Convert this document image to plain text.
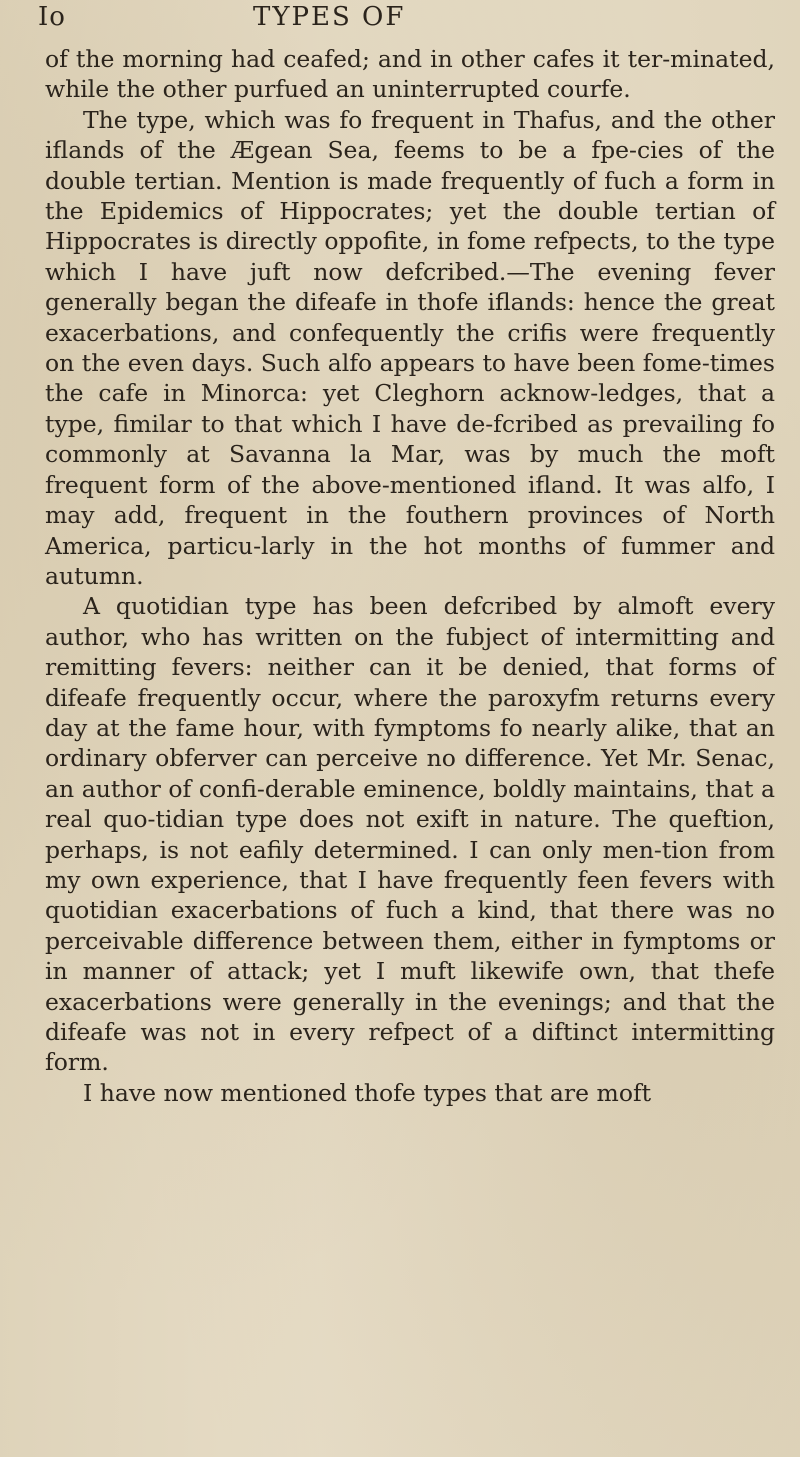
Io	TYPES OF

of the morning had ceafed; and in other cafes it ter-minated, while the other purfued an uninterrupted courfe.

The type, which was fo frequent in Thafus, and the other iflands of the Ægean Sea, feems to be a fpe-cies of the double tertian. Mention is made frequently of fuch a form in the Epidemics of Hippocrates; yet the double tertian of Hippocrates is directly oppofite, in fome refpects, to the type which I have juft now defcribed.—The evening fever generally began the difeafe in thofe iflands: hence the great exacerbations, and confequently the crifis were frequently on the even days. Such alfo appears to have been fome-times the cafe in Minorca: yet Cleghorn acknow-ledges, that a type, fimilar to that which I have de-fcribed as prevailing fo commonly at Savanna la Mar, was by much the moft frequent form of the above-mentioned ifland. It was alfo, I may add, frequent in the fouthern provinces of North America, particu-larly in the hot months of fummer and autumn.

A quotidian type has been defcribed by almoft every author, who has written on the fubject of intermitting and remitting fevers: neither can it be denied, that forms of difeafe frequently occur, where the paroxyfm returns every day at the fame hour, with fymptoms fo nearly alike, that an ordinary obferver can perceive no difference. Yet Mr. Senac, an author of confi-derable eminence, boldly maintains, that a real quo-tidian type does not exift in nature. The queftion, perhaps, is not eafily determined. I can only men-tion from my own experience, that I have frequently feen fevers with quotidian exacerbations of fuch a kind, that there was no perceivable difference between them, either in fymptoms or in manner of attack; yet I muft likewife own, that thefe exacerbations were generally in the evenings; and that the difeafe was not in every refpect of a diftinct intermitting form.

I have now mentioned thofe types that are moft
